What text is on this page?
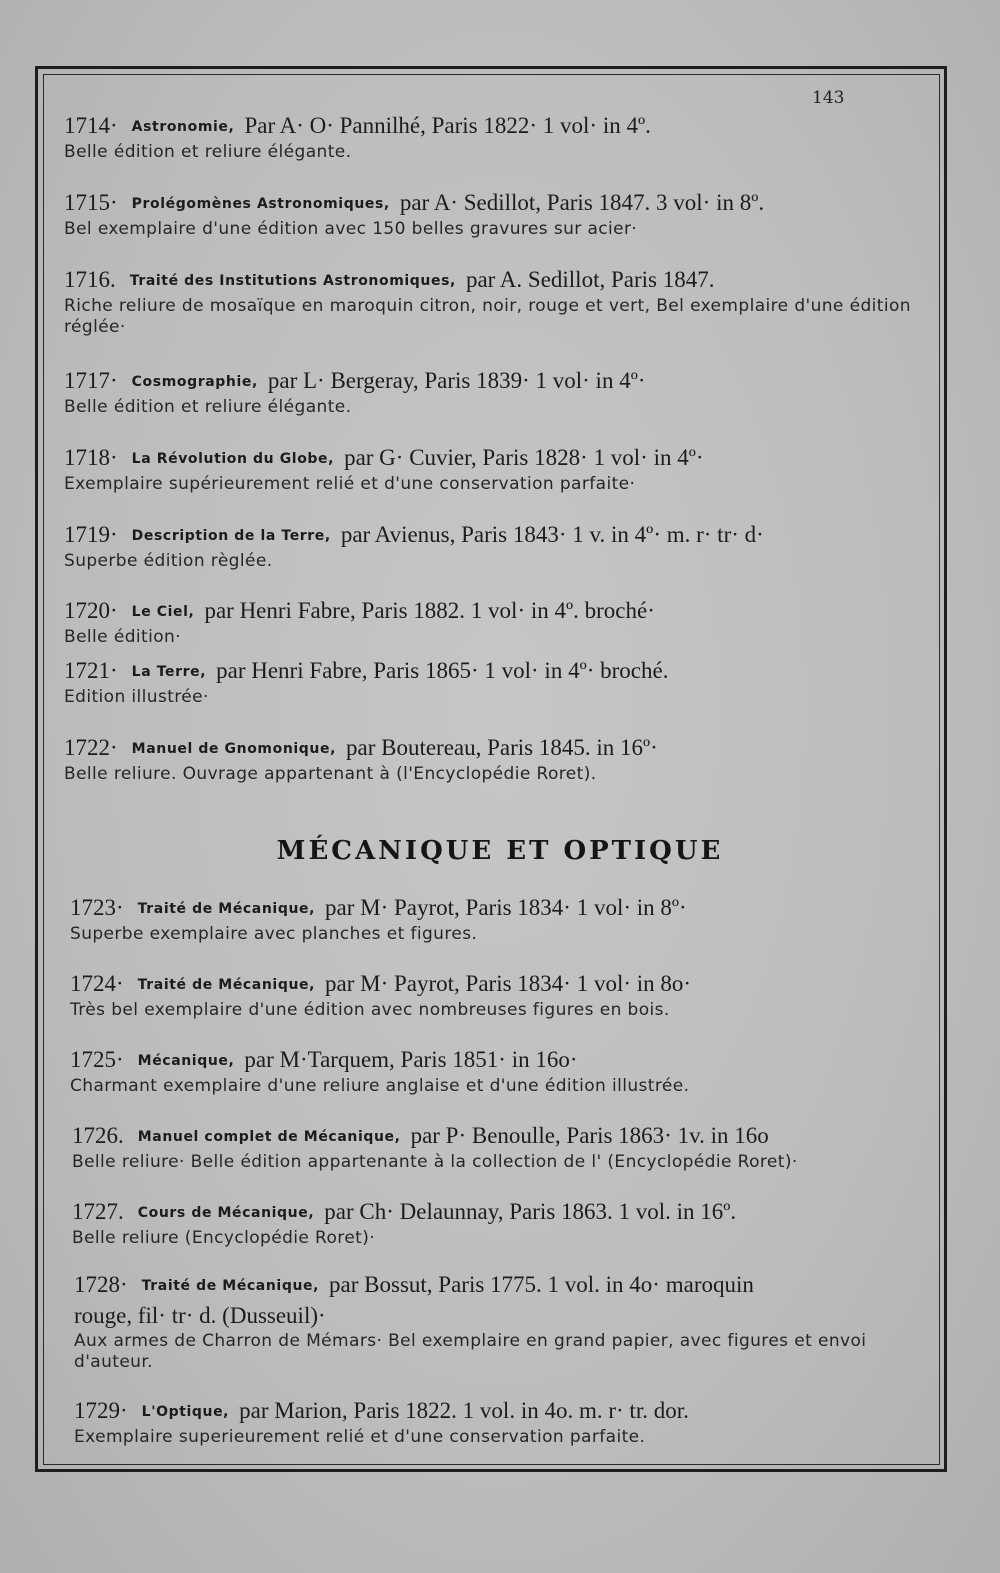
143
1714· Astronomie, Par A· O· Pannilhé, Paris 1822· 1 vol· in 4º.
Belle édition et reliure élégante.
1715· Prolégomènes Astronomiques, par A· Sedillot, Paris 1847. 3 vol· in 8º.
Bel exemplaire d'une édition avec 150 belles gravures sur acier·
1716. Traité des Institutions Astronomiques, par A. Sedillot, Paris 1847.
Riche reliure de mosaïque en maroquin citron, noir, rouge et vert, Bel exemplaire d'une édition réglée·
1717· Cosmographie, par L· Bergeray, Paris 1839· 1 vol· in 4º·
Belle édition et reliure élégante.
1718· La Révolution du Globe, par G· Cuvier, Paris 1828· 1 vol· in 4º·
Exemplaire supérieurement relié et d'une conservation parfaite·
1719· Description de la Terre, par Avienus, Paris 1843· 1 v. in 4º· m. r· tr· d·
Superbe édition règlée.
1720· Le Ciel, par Henri Fabre, Paris 1882. 1 vol· in 4º. broché·
Belle édition·
1721· La Terre, par Henri Fabre, Paris 1865· 1 vol· in 4º· broché.
Edition illustrée·
1722· Manuel de Gnomonique, par Boutereau, Paris 1845. in 16º·
Belle reliure. Ouvrage appartenant à (l'Encyclopédie Roret).
MÉCANIQUE ET OPTIQUE
1723· Traité de Mécanique, par M· Payrot, Paris 1834· 1 vol· in 8º·
Superbe exemplaire avec planches et figures.
1724· Traité de Mécanique, par M· Payrot, Paris 1834· 1 vol· in 8o·
Très bel exemplaire d'une édition avec nombreuses figures en bois.
1725· Mécanique, par M·Tarquem, Paris 1851· in 16o·
Charmant exemplaire d'une reliure anglaise et d'une édition illustrée.
1726. Manuel complet de Mécanique, par P· Benoulle, Paris 1863· 1v. in 16o
Belle reliure· Belle édition appartenante à la collection de l' (Encyclopédie Roret)·
1727. Cours de Mécanique, par Ch· Delaunnay, Paris 1863. 1 vol. in 16º.
Belle reliure (Encyclopédie Roret)·
1728· Traité de Mécanique, par Bossut, Paris 1775. 1 vol. in 4o· maroquin
rouge, fil· tr· d. (Dusseuil)·
Aux armes de Charron de Mémars· Bel exemplaire en grand papier, avec figures et envoi d'auteur.
1729· L'Optique, par Marion, Paris 1822. 1 vol. in 4o. m. r· tr. dor.
Exemplaire superieurement relié et d'une conservation parfaite.
